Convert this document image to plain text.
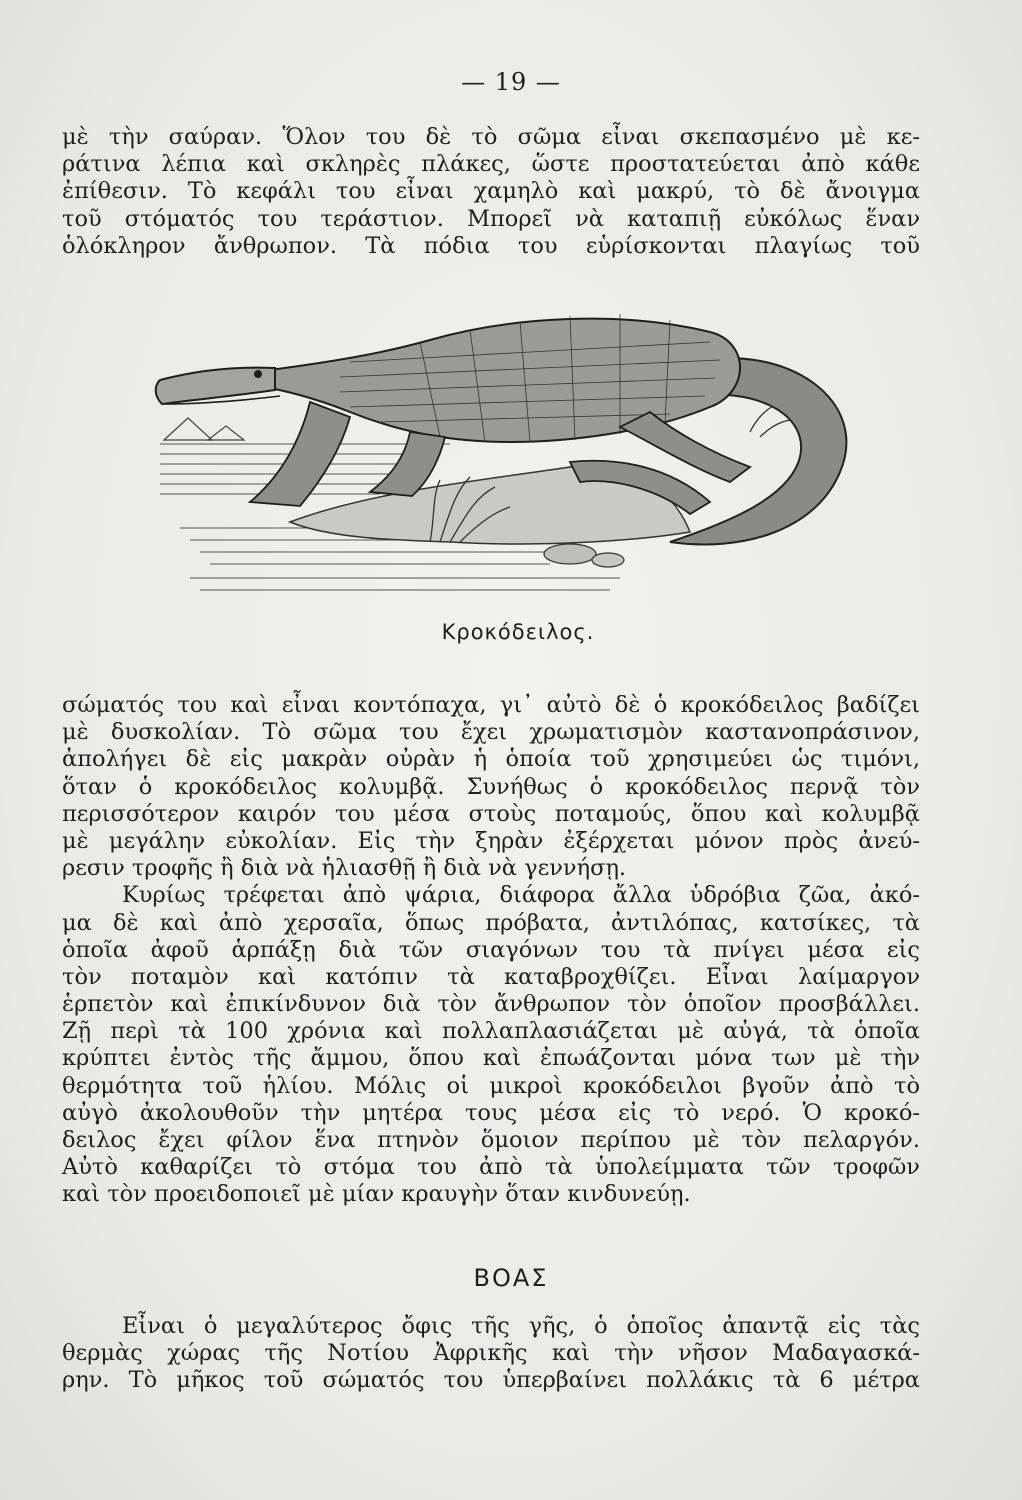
— 19 —
μὲ τὴν σαύραν. Ὅλον του δὲ τὸ σῶμα εἶναι σκεπασμένο μὲ κε-
ράτινα λέπια καὶ σκληρὲς πλάκες, ὥστε προστατεύεται ἀπὸ κάθε
ἐπίθεσιν. Τὸ κεφάλι του εἶναι χαμηλὸ καὶ μακρύ, τὸ δὲ ἄνοιγμα
τοῦ στόματός του τεράστιον. Μπορεῖ νὰ καταπιῇ εὐκόλως ἕναν
ὁλόκληρον ἄνθρωπον. Τὰ πόδια του εὑρίσκονται πλαγίως τοῦ
Κροκόδειλος.
σώματός του καὶ εἶναι κοντόπαχα, γι᾽ αὐτὸ δὲ ὁ κροκόδειλος βαδίζει
μὲ δυσκολίαν. Τὸ σῶμα του ἔχει χρωματισμὸν καστανοπράσινον,
ἀπολήγει δὲ εἰς μακρὰν οὐρὰν ἡ ὁποία τοῦ χρησιμεύει ὡς τιμόνι,
ὅταν ὁ κροκόδειλος κολυμβᾷ. Συνήθως ὁ κροκόδειλος περνᾷ τὸν
περισσότερον καιρόν του μέσα στοὺς ποταμούς, ὅπου καὶ κολυμβᾷ
μὲ μεγάλην εὐκολίαν. Εἰς τὴν ξηρὰν ἐξέρχεται μόνον πρὸς ἀνεύ-
ρεσιν τροφῆς ἢ διὰ νὰ ἡλιασθῇ ἢ διὰ νὰ γεννήσῃ.
Κυρίως τρέφεται ἀπὸ ψάρια, διάφορα ἄλλα ὑδρόβια ζῶα, ἀκό-
μα δὲ καὶ ἀπὸ χερσαῖα, ὅπως πρόβατα, ἀντιλόπας, κατσίκες, τὰ
ὁποῖα ἀφοῦ ἁρπάξῃ διὰ τῶν σιαγόνων του τὰ πνίγει μέσα εἰς
τὸν ποταμὸν καὶ κατόπιν τὰ καταβροχθίζει. Εἶναι λαίμαργον
ἑρπετὸν καὶ ἐπικίνδυνον διὰ τὸν ἄνθρωπον τὸν ὁποῖον προσβάλλει.
Ζῇ περὶ τὰ 100 χρόνια καὶ πολλαπλασιάζεται μὲ αὐγά, τὰ ὁποῖα
κρύπτει ἐντὸς τῆς ἄμμου, ὅπου καὶ ἐπωάζονται μόνα των μὲ τὴν
θερμότητα τοῦ ἡλίου. Μόλις οἱ μικροὶ κροκόδειλοι βγοῦν ἀπὸ τὸ
αὐγὸ ἀκολουθοῦν τὴν μητέρα τους μέσα εἰς τὸ νερό. Ὁ κροκό-
δειλος ἔχει φίλον ἕνα πτηνὸν ὅμοιον περίπου μὲ τὸν πελαργόν.
Αὐτὸ καθαρίζει τὸ στόμα του ἀπὸ τὰ ὑπολείμματα τῶν τροφῶν
καὶ τὸν προειδοποιεῖ μὲ μίαν κραυγὴν ὅταν κινδυνεύῃ.
ΒΟΑΣ
Εἶναι ὁ μεγαλύτερος ὄφις τῆς γῆς, ὁ ὁποῖος ἀπαντᾷ εἰς τὰς
θερμὰς χώρας τῆς Νοτίου Ἀφρικῆς καὶ τὴν νῆσον Μαδαγασκά-
ρην. Τὸ μῆκος τοῦ σώματός του ὑπερβαίνει πολλάκις τὰ 6 μέτρα
